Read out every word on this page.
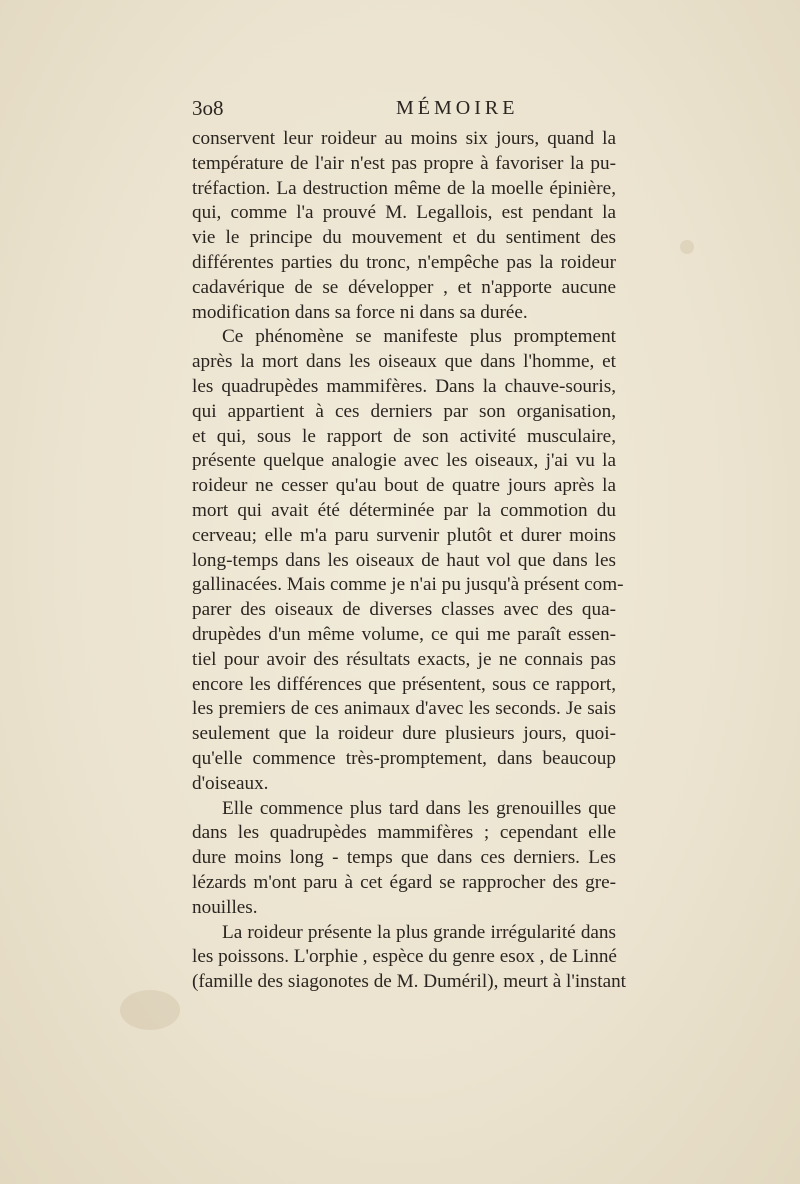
3o8	MÉMOIRE
conservent leur roideur au moins six jours, quand la
température de l'air n'est pas propre à favoriser la pu-
tréfaction. La destruction même de la moelle épinière,
qui, comme l'a prouvé M. Legallois, est pendant la
vie le principe du mouvement et du sentiment des
différentes parties du tronc, n'empêche pas la roideur
cadavérique de se développer , et n'apporte aucune
modification dans sa force ni dans sa durée.
Ce phénomène se manifeste plus promptement
après la mort dans les oiseaux que dans l'homme, et
les quadrupèdes mammifères. Dans la chauve-souris,
qui appartient à ces derniers par son organisation,
et qui, sous le rapport de son activité musculaire,
présente quelque analogie avec les oiseaux, j'ai vu la
roideur ne cesser qu'au bout de quatre jours après la
mort qui avait été déterminée par la commotion du
cerveau; elle m'a paru survenir plutôt et durer moins
long-temps dans les oiseaux de haut vol que dans les
gallinacées. Mais comme je n'ai pu jusqu'à présent com-
parer des oiseaux de diverses classes avec des qua-
drupèdes d'un même volume, ce qui me paraît essen-
tiel pour avoir des résultats exacts, je ne connais pas
encore les différences que présentent, sous ce rapport,
les premiers de ces animaux d'avec les seconds. Je sais
seulement que la roideur dure plusieurs jours, quoi-
qu'elle commence très-promptement, dans beaucoup
d'oiseaux.
Elle commence plus tard dans les grenouilles que
dans les quadrupèdes mammifères ; cependant elle
dure moins long - temps que dans ces derniers. Les
lézards m'ont paru à cet égard se rapprocher des gre-
nouilles.
La roideur présente la plus grande irrégularité dans
les poissons. L'orphie , espèce du genre esox , de Linné
(famille des siagonotes de M. Duméril), meurt à l'instant
